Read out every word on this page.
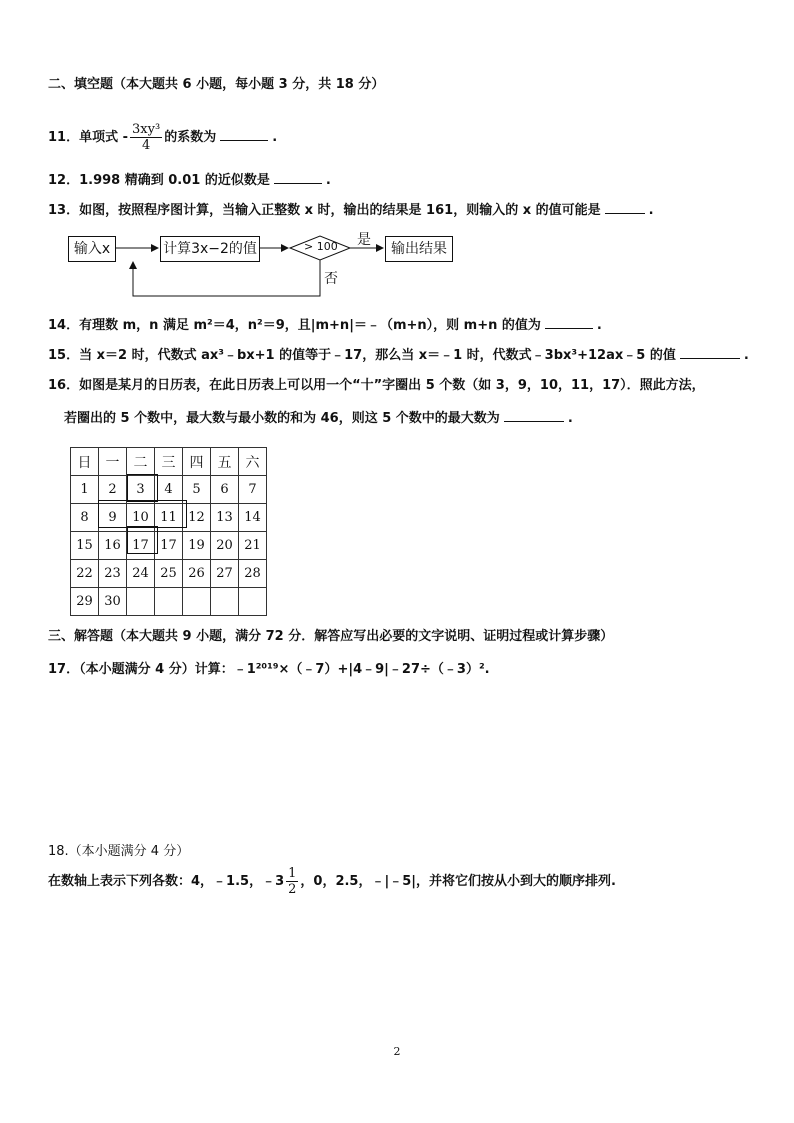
二、填空题（本大题共 6 小题，每小题 3 分，共 18 分）
11．单项式 - $\frac{\text{3xy³}}{4}$ 的系数为	.
12．1.998 精确到 0.01 的近似数是	.
13．如图，按照程序图计算，当输入正整数 x 时，输出的结果是 161，则输入的 x 的值可能是	.
输入x	计算3x−2的值	> 100 是
否
输出结果
14．有理数 m，n 满足 m²＝4，n²＝9，且|m+n|＝﹣（m+n），则 m+n 的值为	.
15．当 x＝2 时，代数式 ax³﹣bx+1 的值等于﹣17，那么当 x＝﹣1 时，代数式﹣3bx³+12ax﹣5 的值	.
16．如图是某月的日历表，在此日历表上可以用一个“十”字圈出 5 个数（如 3，9，10，11，17）．照此方法，
若圈出的 5 个数中，最大数与最小数的和为 46，则这 5 个数中的最大数为	.
日	一	二	三	四	五	六
1	2	3	4	5	6	7
8	9	10	11	12	13	14
15	16	17	17	19	20	21
22	23	24	25	26	27	28
29	30					
三、解答题（本大题共 9 小题，满分 72 分．解答应写出必要的文字说明、证明过程或计算步骤）
17．（本小题满分 4 分）计算：﹣1²⁰¹⁹×（﹣7）+|4﹣9|﹣27÷（﹣3）².
18.（本小题满分 4 分）
在数轴上表示下列各数：4，﹣1.5，﹣3 $\frac{1}{2}$ ，0，2.5，﹣|﹣5|，并将它们按从小到大的顺序排列.
2
